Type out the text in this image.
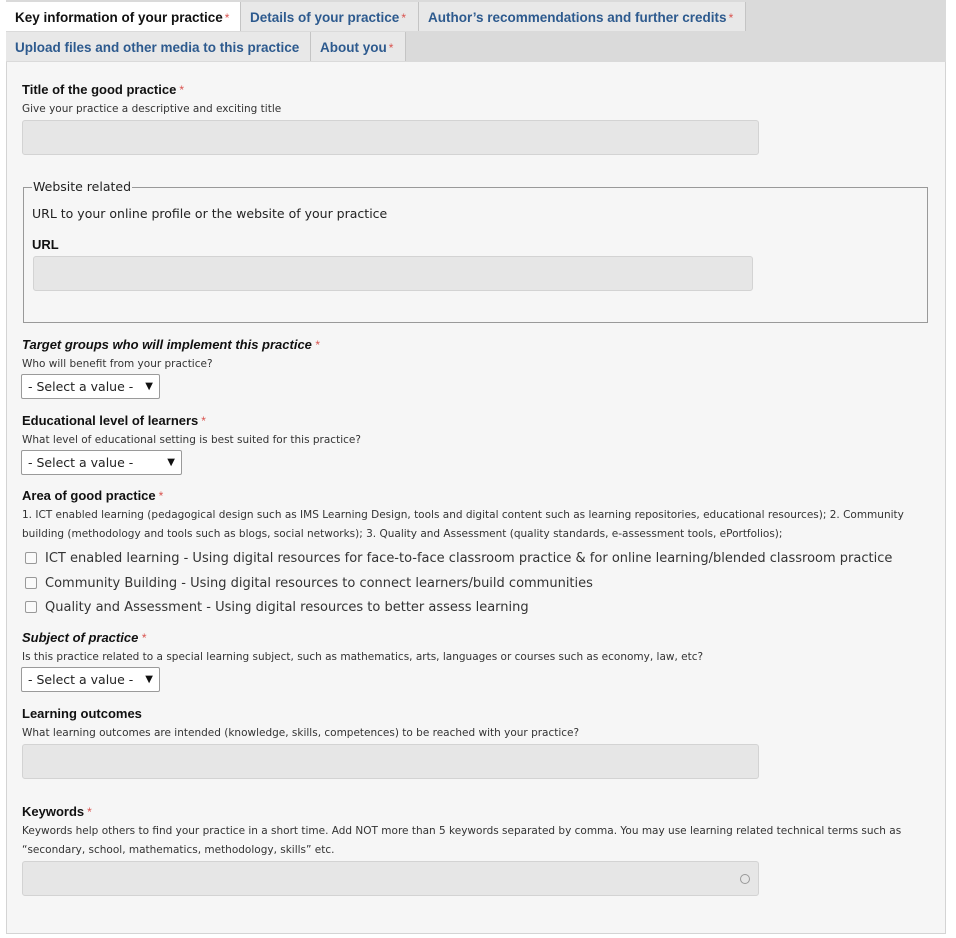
Key information of your practice *	Details of your practice *	Author’s recommendations and further credits *
Upload files and other media to this practice	About you *
Title of the good practice *
Give your practice a descriptive and exciting title
Website related
URL to your online profile or the website of your practice
URL
Target groups who will implement this practice *
Who will benefit from your practice?
- Select a value - ▼
Educational level of learners *
What level of educational setting is best suited for this practice?
- Select a value -	▼
Area of good practice *
1. ICT enabled learning (pedagogical design such as IMS Learning Design, tools and digital content such as learning repositories, educational resources); 2. Community building (methodology and tools such as blogs, social networks); 3. Quality and Assessment (quality standards, e-assessment tools, ePortfolios);
ICT enabled learning - Using digital resources for face-to-face classroom practice & for online learning/blended classroom practice
Community Building - Using digital resources to connect learners/build communities
Quality and Assessment - Using digital resources to better assess learning
Subject of practice *
Is this practice related to a special learning subject, such as mathematics, arts, languages or courses such as economy, law, etc?
- Select a value - ▼
Learning outcomes
What learning outcomes are intended (knowledge, skills, competences) to be reached with your practice?
Keywords *
Keywords help others to find your practice in a short time. Add NOT more than 5 keywords separated by comma. You may use learning related technical terms such as “secondary, school, mathematics, methodology, skills” etc.
